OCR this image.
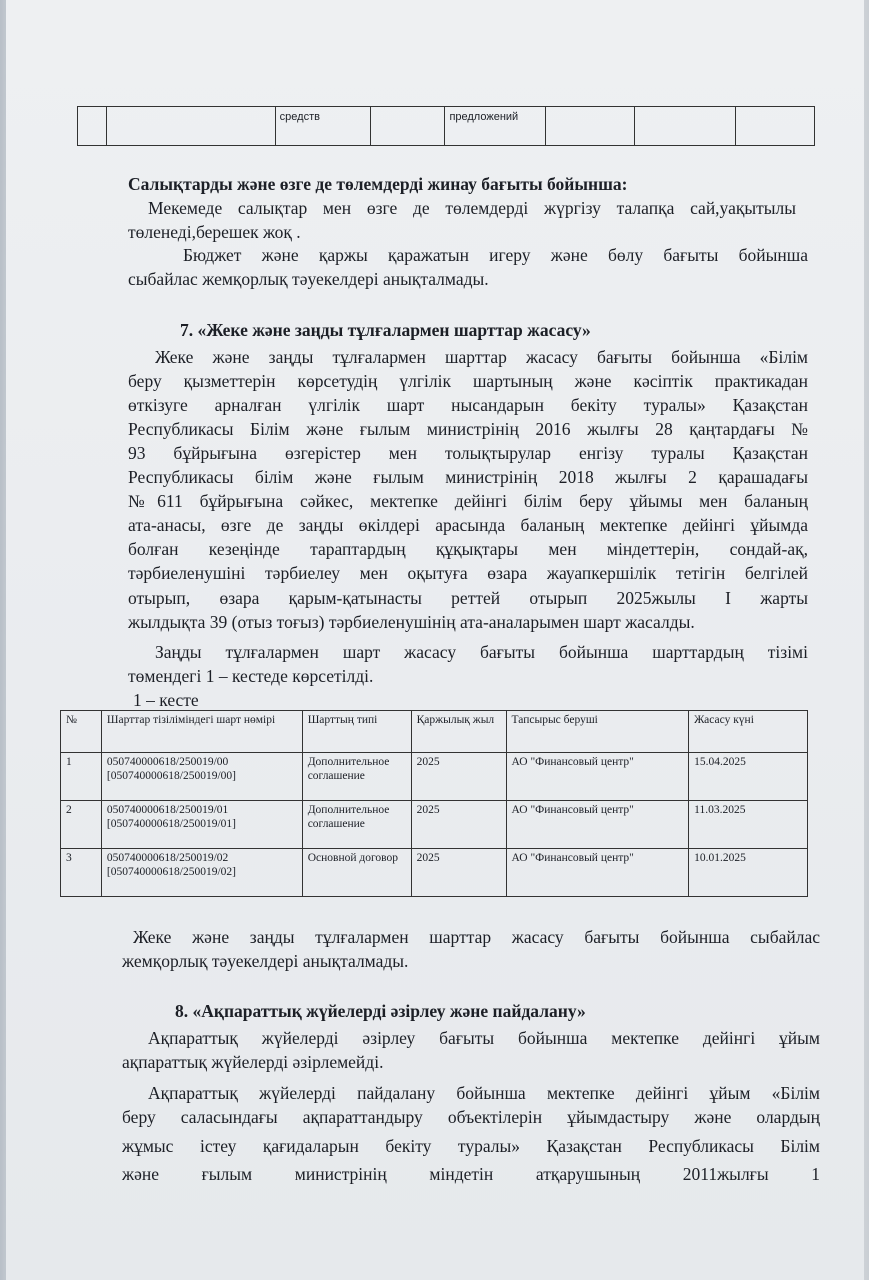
		средств		предложений			
Салықтарды және өзге де төлемдерді жинау бағыты бойынша:
Мекемеде салықтар мен өзге де төлемдерді жүргізу талапқа сай,уақытылы
төленеді,берешек жоқ .
Бюджет және қаржы қаражатын игеру және бөлу бағыты бойынша
сыбайлас жемқорлық тәуекелдері анықталмады.
7. «Жеке және заңды тұлғалармен шарттар жасасу»
Жеке және заңды тұлғалармен шарттар жасасу бағыты бойынша «Білім
беру қызметтерін көрсетудің үлгілік шартының және кәсіптік практикадан
өткізуге арналған үлгілік шарт нысандарын бекіту туралы» Қазақстан
Республикасы Білім және ғылым министрінің 2016 жылғы 28 қаңтардағы №
93 бұйрығына өзгерістер мен толықтырулар енгізу туралы Қазақстан
Республикасы білім және ғылым министрінің 2018 жылғы 2 қарашадағы
№611 бұйрығына сәйкес, мектепке дейінгі білім беру ұйымы мен баланың
ата-анасы, өзге де заңды өкілдері арасында баланың мектепке дейінгі ұйымда
болған кезеңінде тараптардың құқықтары мен міндеттерін, сондай-ақ,
тәрбиеленушіні тәрбиелеу мен оқытуға өзара жауапкершілік тетігін белгілей
отырып, өзара қарым-қатынасты реттей отырып 2025жылы І жарты
жылдықта 39 (отыз тоғыз) тәрбиеленушінің ата-аналарымен шарт жасалды.
Заңды тұлғалармен шарт жасасу бағыты бойынша шарттардың тізімі
төмендегі 1 – кестеде көрсетілді.
1 – кесте
№	Шарттар тізіліміндегі шарт нөмірі	Шарттың типі	Қаржылық жыл	Тапсырыс беруші	Жасасу күні
1	050740000618/250019/00 [050740000618/250019/00]	Дополнительное соглашение	2025	АО "Финансовый центр"	15.04.2025
2	050740000618/250019/01 [050740000618/250019/01]	Дополнительное соглашение	2025	АО "Финансовый центр"	11.03.2025
3	050740000618/250019/02 [050740000618/250019/02]	Основной договор	2025	АО "Финансовый центр"	10.01.2025
Жеке және заңды тұлғалармен шарттар жасасу бағыты бойынша сыбайлас
жемқорлық тәуекелдері анықталмады.
8. «Ақпараттық жүйелерді әзірлеу және пайдалану»
Ақпараттық жүйелерді әзірлеу бағыты бойынша мектепке дейінгі ұйым
ақпараттық жүйелерді әзірлемейді.
Ақпараттық жүйелерді пайдалану бойынша мектепке дейінгі ұйым «Білім
беру саласындағы ақпараттандыру объектілерін ұйымдастыру және олардың
жұмыс істеу қағидаларын бекіту туралы» Қазақстан Республикасы Білім
және ғылым министрінің міндетін атқарушының 2011жылғы 1
